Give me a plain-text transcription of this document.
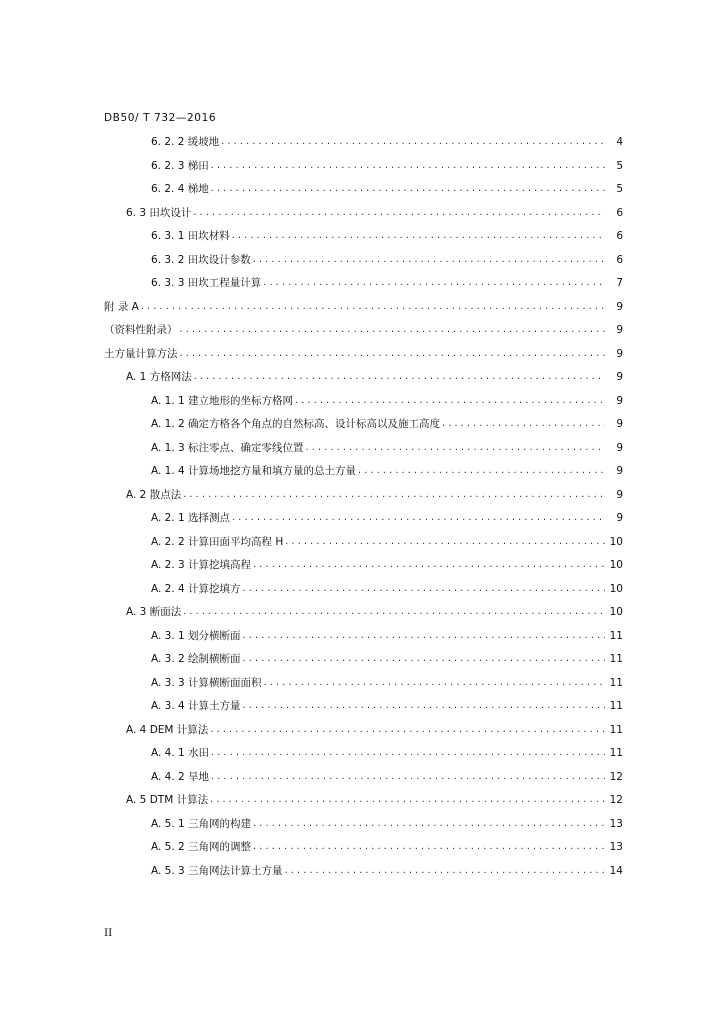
DB50/ T 732—2016
6. 2. 2 缓坡地 .....	4
6. 2. 3 梯田 .....	5
6. 2. 4 梯地 .....	5
6. 3 田坎设计 .....	6
6. 3. 1 田坎材料 .....	6
6. 3. 2 田坎设计参数 .....	6
6. 3. 3 田坎工程量计算 .....	7
附 录 A .....	9
（资料性附录） .....	9
土方量计算方法 .....	9
A. 1 方格网法 .....	9
A. 1. 1 建立地形的坐标方格网 .....	9
A. 1. 2 确定方格各个角点的自然标高、设计标高以及施工高度 .....	9
A. 1. 3 标注零点、确定零线位置 .....	9
A. 1. 4 计算场地挖方量和填方量的总土方量 .....	9
A. 2 散点法 .....	9
A. 2. 1 选择测点 .....	9
A. 2. 2 计算田面平均高程 H .....	10
A. 2. 3 计算挖填高程 .....	10
A. 2. 4 计算挖填方 .....	10
A. 3 断面法 .....	10
A. 3. 1 划分横断面 .....	11
A. 3. 2 绘制横断面 .....	11
A. 3. 3 计算横断面面积 .....	11
A. 3. 4 计算土方量 .....	11
A. 4 DEM 计算法 .....	11
A. 4. 1 水田 .....	11
A. 4. 2 旱地 .....	12
A. 5 DTM 计算法 .....	12
A. 5. 1 三角网的构建 .....	13
A. 5. 2 三角网的调整 .....	13
A. 5. 3 三角网法计算土方量 .....	14
II
